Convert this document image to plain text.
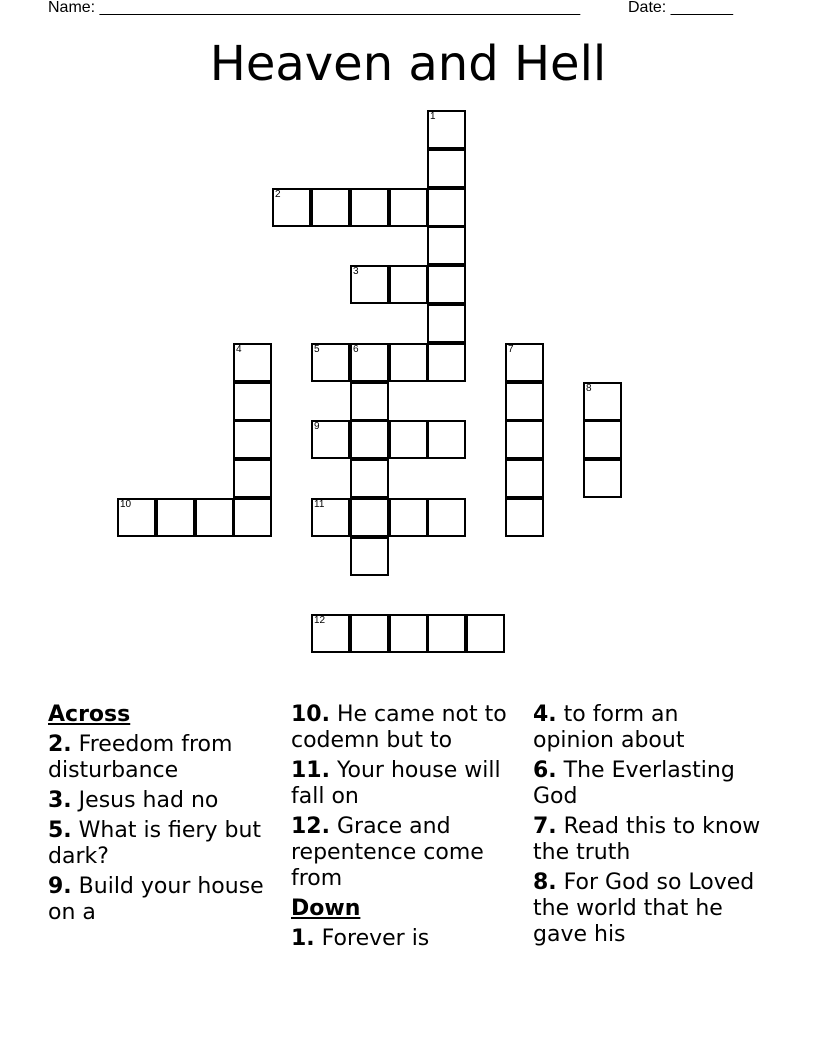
Name: ______________________________________________________	Date: _______
Heaven and Hell
1
2
3
4	5	6	7
8
9
10	11
12
Across
2. Freedom from disturbance
3. Jesus had no
5. What is fiery but dark?
9. Build your house on a
10. He came not to codemn but to
11. Your house will fall on
12. Grace and repentence come from
Down
1. Forever is
4. to form an opinion about
6. The Everlasting God
7. Read this to know the truth
8. For God so Loved the world that he gave his
